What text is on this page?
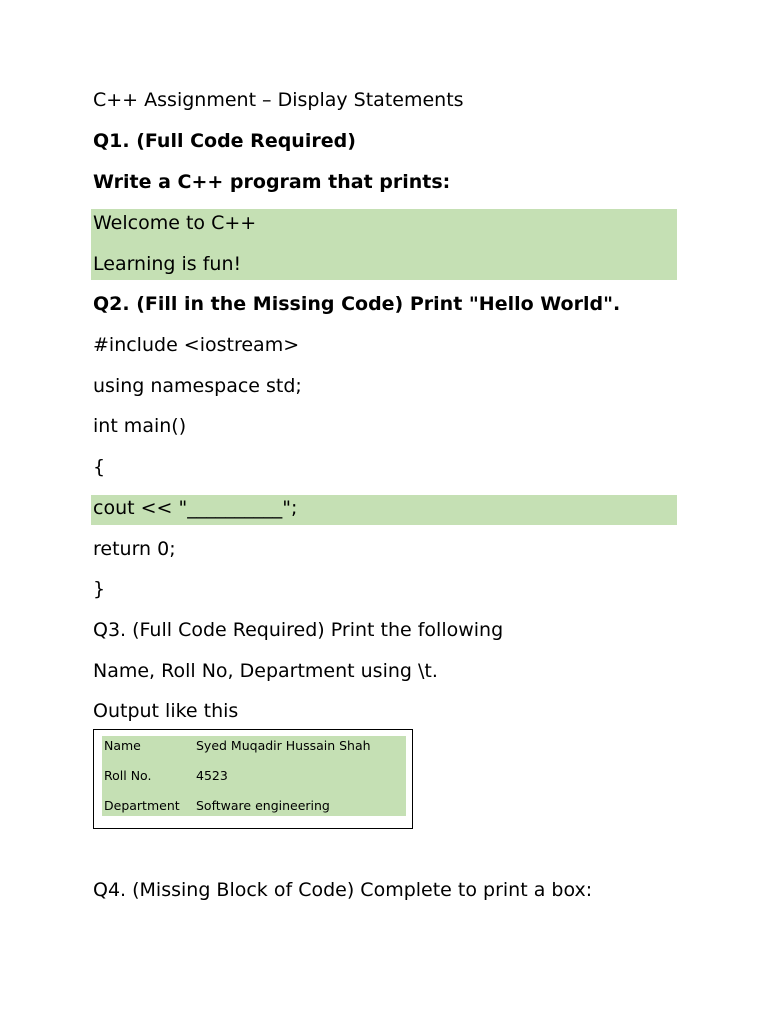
C++ Assignment – Display Statements
Q1. (Full Code Required)
Write a C++ program that prints:
Welcome to C++
Learning is fun!
Q2. (Fill in the Missing Code) Print "Hello World".
#include <iostream>
using namespace std;
int main()
{
cout << "__________";
return 0;
}
Q3. (Full Code Required) Print the following
Name, Roll No, Department using \t.
Output like this
Name	Syed Muqadir Hussain Shah
Roll No.	4523
Department Software engineering
Q4. (Missing Block of Code) Complete to print a box:
